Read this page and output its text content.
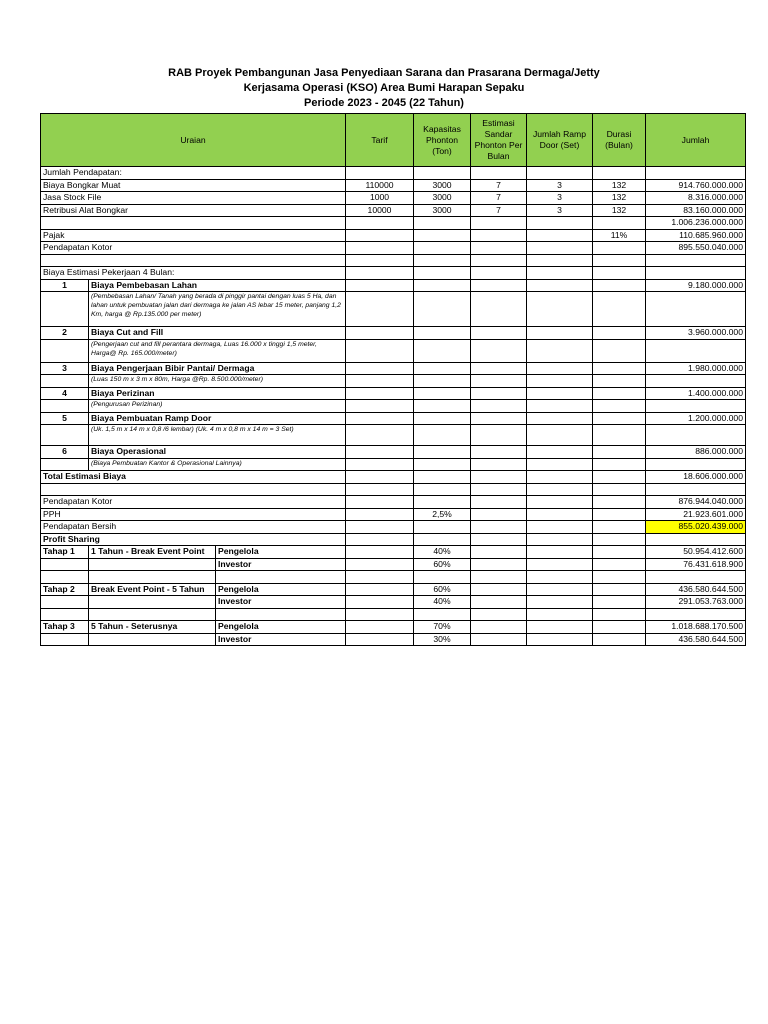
RAB Proyek Pembangunan Jasa Penyediaan Sarana dan Prasarana Dermaga/Jetty
Kerjasama Operasi (KSO) Area Bumi Harapan Sepaku
Periode 2023 - 2045 (22 Tahun)
Uraian			Tarif	Kapasitas Phonton (Ton)	Estimasi Sandar Phonton Per Bulan	Jumlah Ramp Door (Set)	Durasi (Bulan)	Jumlah
Jumlah Pendapatan:								
Biaya Bongkar Muat			110000	3000	7	3	132	914.760.000.000
Jasa Stock File			1000	3000	7	3	132	8.316.000.000
Retribusi Alat Bongkar			10000	3000	7	3	132	83.160.000.000
								1.006.236.000.000
Pajak							11%	110.685.960.000
Pendapatan Kotor								895.550.040.000

Biaya Estimasi Pekerjaan 4 Bulan:								
1	Biaya Pembebasan Lahan							9.180.000.000
	(Pembebasan Lahan/ Tanah yang berada di pinggir pantai dengan luas 5 Ha, dan lahan untuk pembuatan jalan dari dermaga ke jalan AS lebar 15 meter, panjang 1,2 Km, harga @ Rp.135.000 per meter)							
2	Biaya Cut and Fill							3.960.000.000
	(Pengerjaan cut and fill perantara dermaga, Luas 16.000 x tinggi 1,5 meter, Harga@ Rp. 165.000/meter)							
3	Biaya Pengerjaan Bibir Pantai/ Dermaga							1.980.000.000
	(Luas 150 m x 3 m x 80m, Harga @Rp. 8.500.000/meter)							
4	Biaya Perizinan							1.400.000.000
	(Pengurusan Perizinan)							
5	Biaya Pembuatan Ramp Door							1.200.000.000
	(Uk. 1,5 m x 14 m x 0,8 /6 lembar) (Uk. 4 m x 0,8 m x 14 m = 3 Set)							
6	Biaya Operasional							886.000.000
	(Biaya Pembuatan Kantor & Operasional Lainnya)							
Total Estimasi Biaya								18.606.000.000

Pendapatan Kotor								876.944.040.000
PPH				2,5%				21.923.601.000
Pendapatan Bersih								855.020.439.000
Profit Sharing								
Tahap 1	1 Tahun - Break Event Point	Pengelola		40%				50.954.412.600
		Investor		60%				76.431.618.900

Tahap 2	Break Event Point - 5 Tahun	Pengelola		60%				436.580.644.500
		Investor		40%				291.053.763.000

Tahap 3	5 Tahun - Seterusnya	Pengelola		70%				1.018.688.170.500
		Investor		30%				436.580.644.500
